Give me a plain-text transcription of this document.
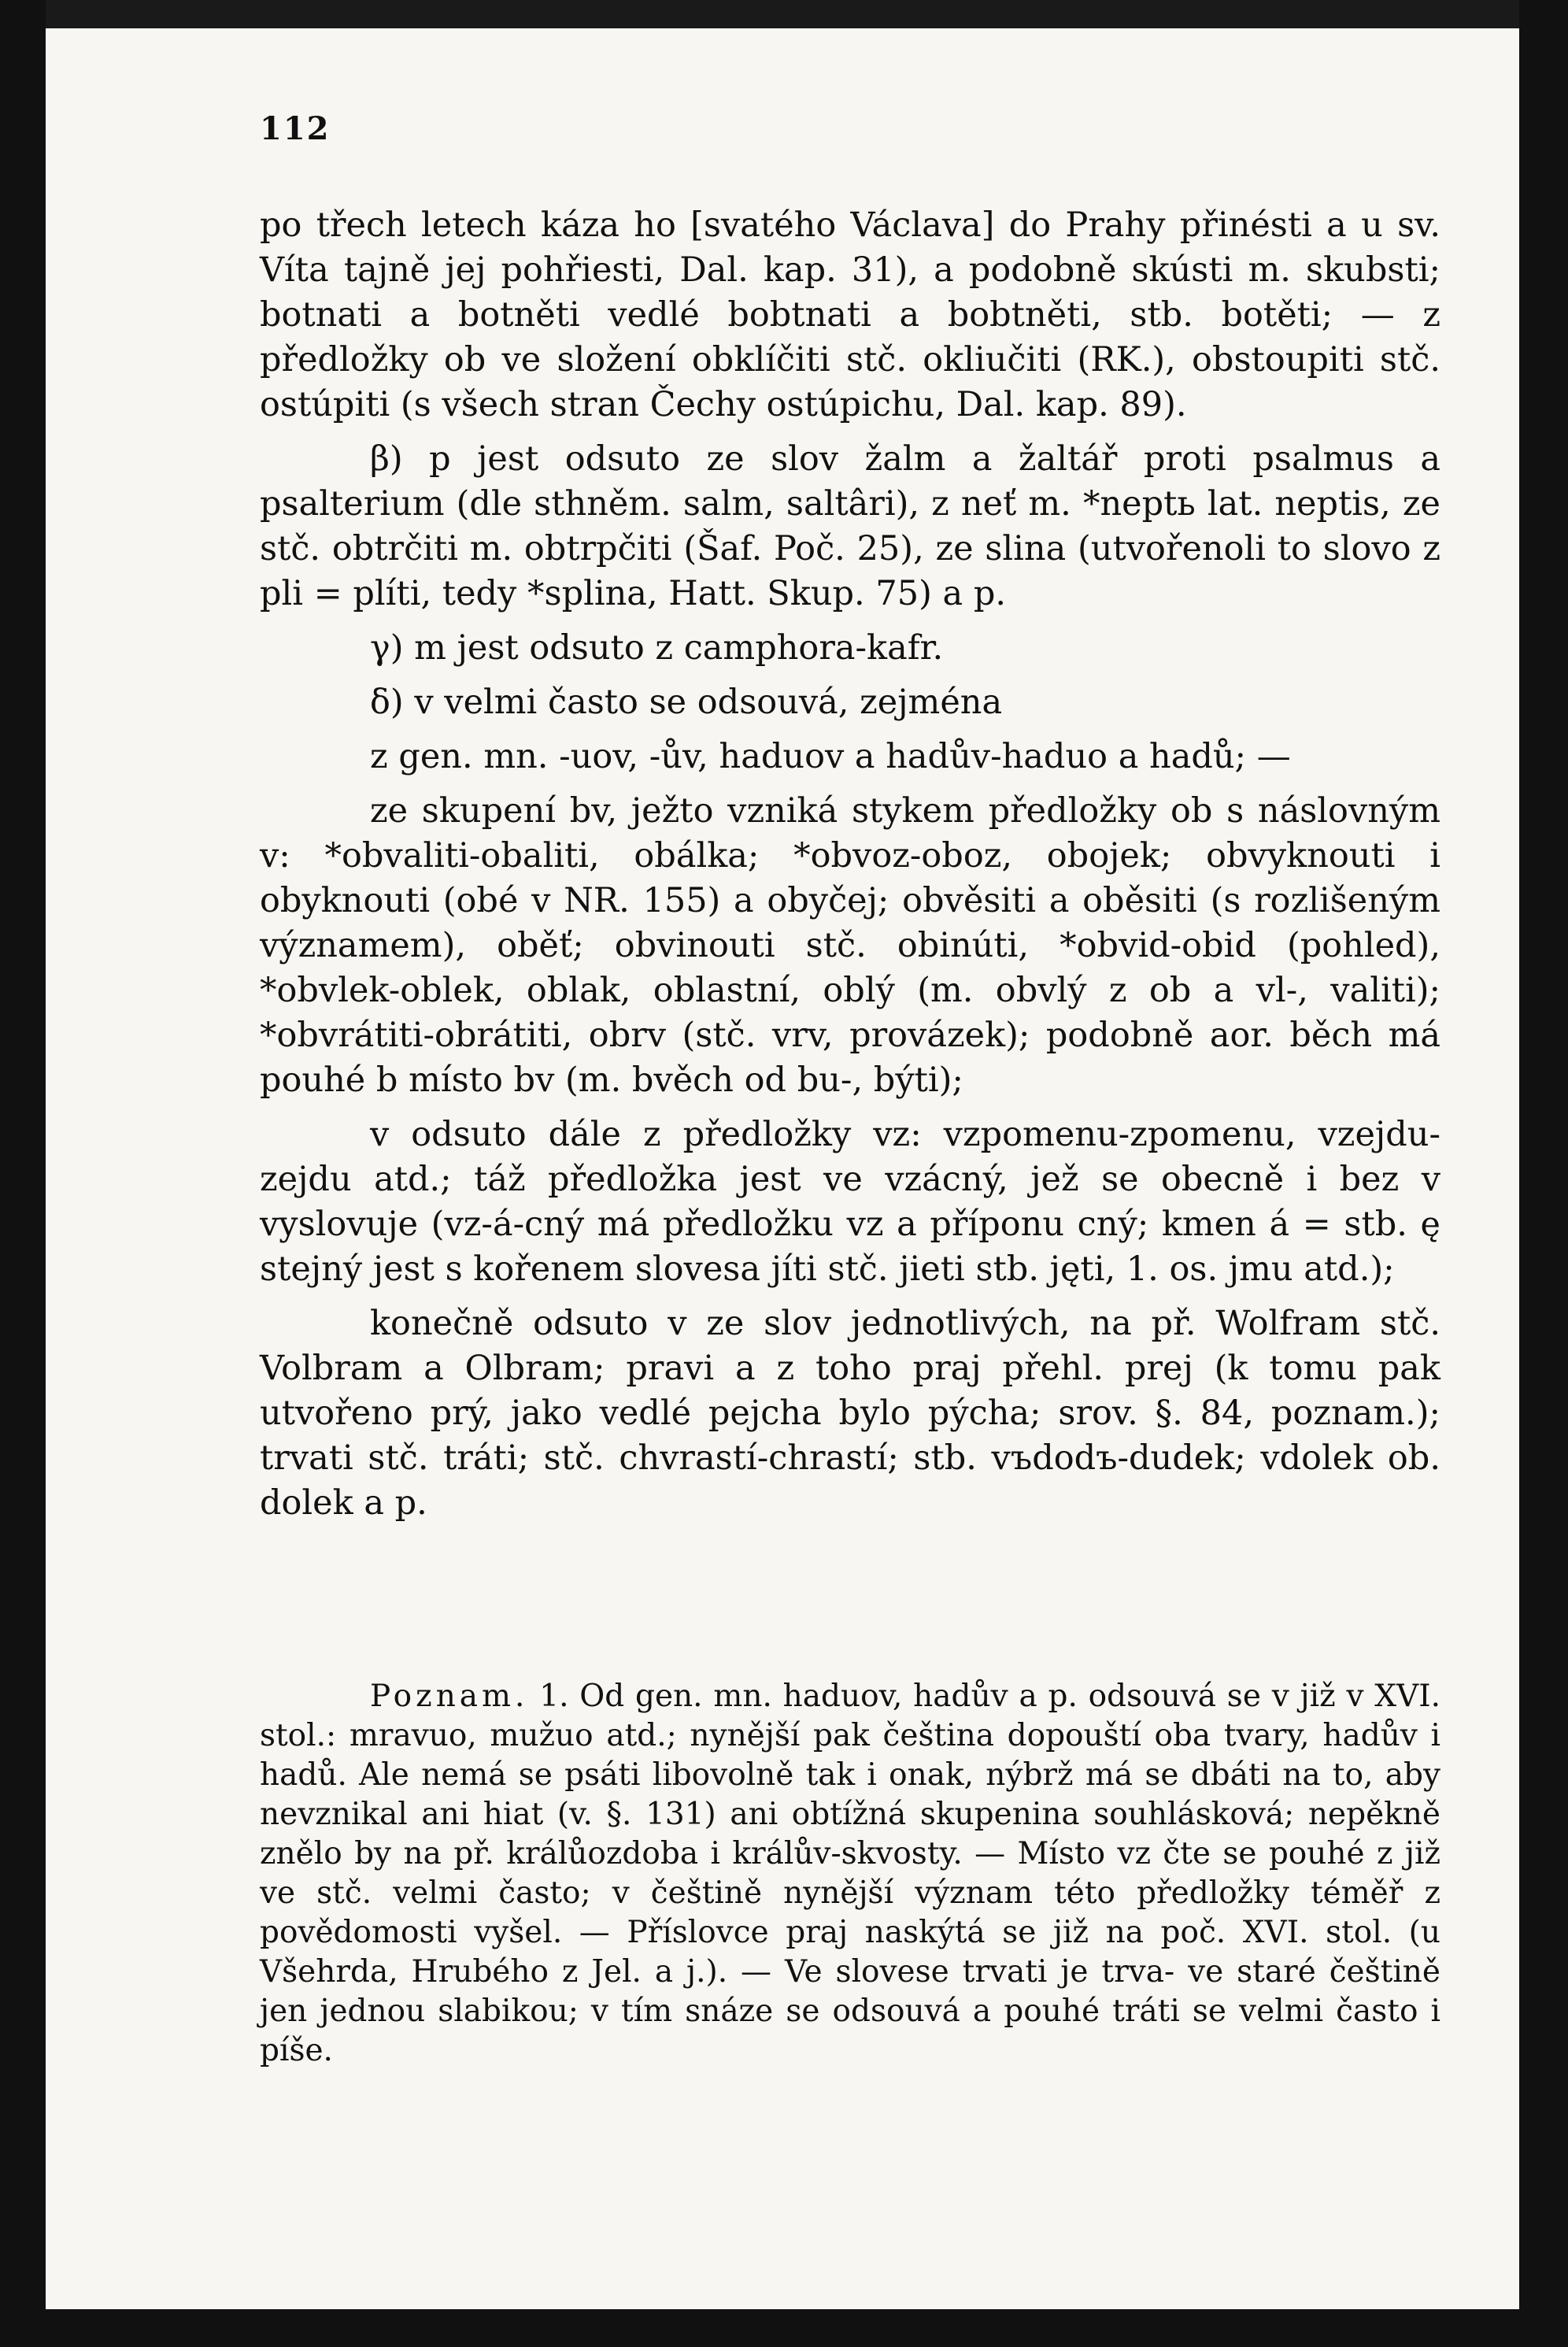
112

po třech letech káza ho [svatého Václava] do Prahy přinésti a u sv. Víta tajně jej pohřiesti, Dal. kap. 31), a podobně skústi m. skubsti; botnati a botněti vedlé bobtnati a bobtněti, stb. botěti; — z předložky ob ve složení obklíčiti stč. okliučiti (RK.), obstoupiti stč. ostúpiti (s všech stran Čechy ostúpichu, Dal. kap. 89).

β) p jest odsuto ze slov žalm a žaltář proti psalmus a psalterium (dle sthněm. salm, saltâri), z neť m. *neptь lat. neptis, ze stč. obtrčiti m. obtrpčiti (Šaf. Poč. 25), ze slina (utvořenoli to slovo z pli = plíti, tedy *splina, Hatt. Skup. 75) a p.

γ) m jest odsuto z camphora-kafr.

δ) v velmi často se odsouvá, zejména

z gen. mn. -uov, -ův, haduov a hadův-haduo a hadů; —

ze skupení bv, ježto vzniká stykem předložky ob s náslovným v: *obvaliti-obaliti, obálka; *obvoz-oboz, obojek; obvyknouti i obyknouti (obé v NR. 155) a obyčej; obvěsiti a oběsiti (s rozlišeným významem), oběť; obvinouti stč. obinúti, *obvid-obid (pohled), *obvlek-oblek, oblak, oblastní, oblý (m. obvlý z ob a vl-, valiti); *obvrátiti-obrátiti, obrv (stč. vrv, provázek); podobně aor. běch má pouhé b místo bv (m. bvěch od bu-, býti);

v odsuto dále z předložky vz: vzpomenu-zpomenu, vzejdu-zejdu atd.; táž předložka jest ve vzácný, jež se obecně i bez v vyslovuje (vz-á-cný má předložku vz a příponu cný; kmen á = stb. ę stejný jest s kořenem slovesa jíti stč. jieti stb. jęti, 1. os. jmu atd.);

konečně odsuto v ze slov jednotlivých, na př. Wolfram stč. Volbram a Olbram; pravi a z toho praj přehl. prej (k tomu pak utvořeno prý, jako vedlé pejcha bylo pýcha; srov. §. 84, poznam.); trvati stč. tráti; stč. chvrastí-chrastí; stb. vъdodъ-dudek; vdolek ob. dolek a p.

Poznam. 1. Od gen. mn. haduov, hadův a p. odsouvá se v již v XVI. stol.: mravuo, mužuo atd.; nynější pak čeština dopouští oba tvary, hadův i hadů. Ale nemá se psáti libovolně tak i onak, nýbrž má se dbáti na to, aby nevznikal ani hiat (v. §. 131) ani obtížná skupenina souhlásková; nepěkně znělo by na př. králůozdoba i králův-skvosty. — Místo vz čte se pouhé z již ve stč. velmi často; v češtině nynější význam této předložky téměř z povědomosti vyšel. — Příslovce praj naskýtá se již na poč. XVI. stol. (u Všehrda, Hrubého z Jel. a j.). — Ve slovese trvati je trva- ve staré češtině jen jednou slabikou; v tím snáze se odsouvá a pouhé tráti se velmi často i píše.
